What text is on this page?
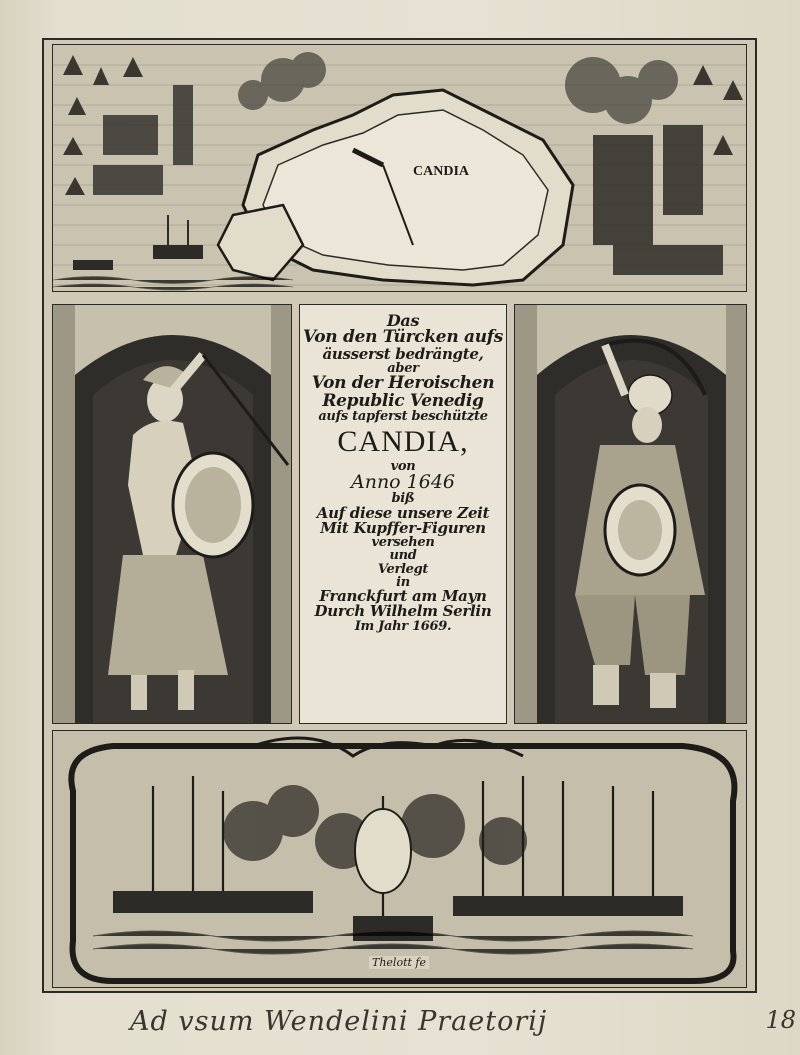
CANDIA
Das
Von den Türcken aufs
äusserst bedrängte,
aber
Von der Heroischen
Republic Venedig
aufs tapferst beschützte
CANDIA,
von
Anno 1646
biß
Auf diese unsere Zeit
Mit Kupffer-Figuren
versehen
und
Verlegt
in
Franckfurt am Mayn
Durch Wilhelm Serlin
Im Jahr 1669.
Thelott fe
Ad vsum Wendelini Praetorij	18
